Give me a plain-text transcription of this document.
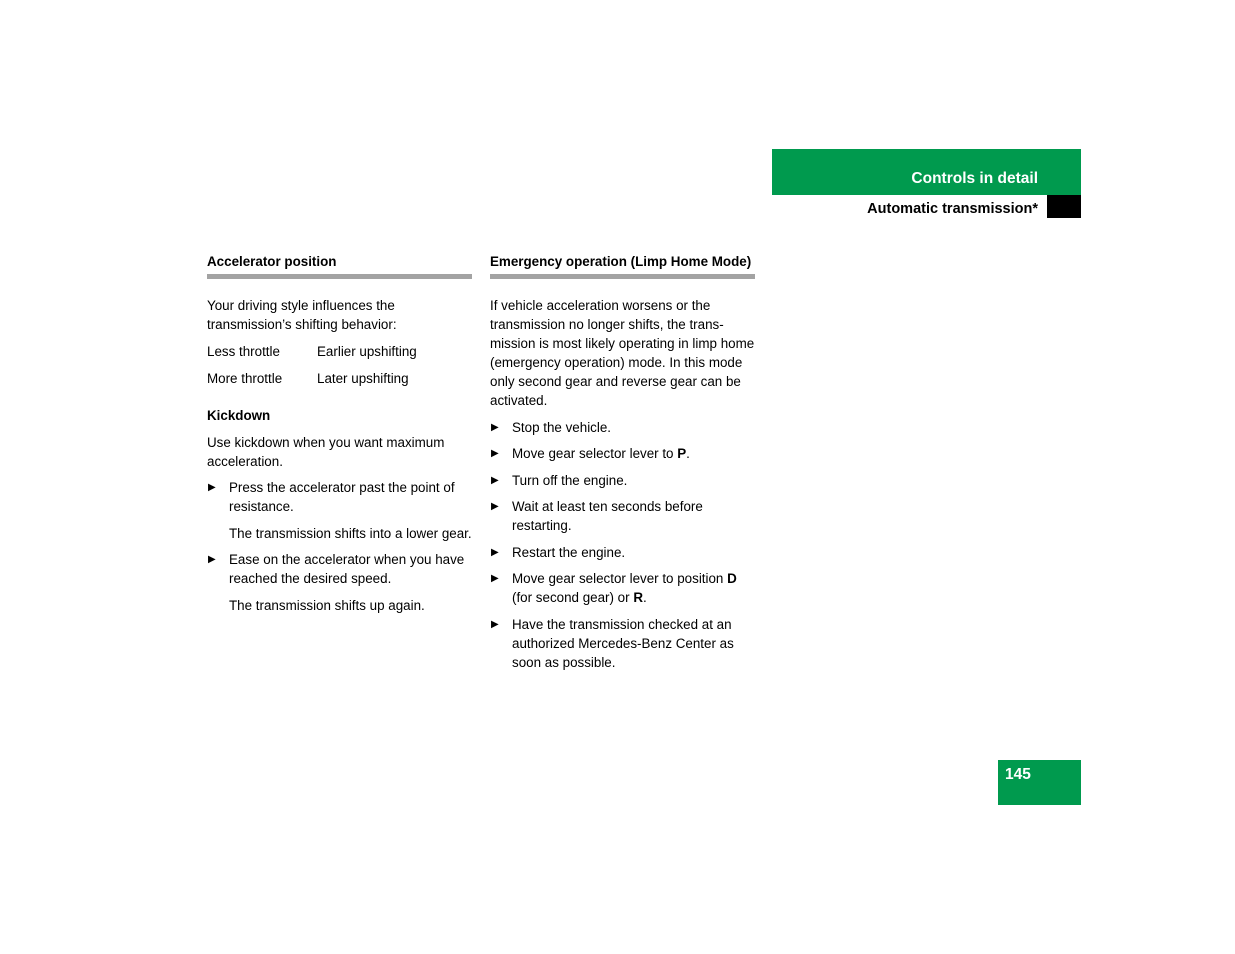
Controls in detail
Automatic transmission*
Accelerator position

Your driving style influences the transmission’s shifting behavior:

Less throttle	Earlier upshifting
More throttle	Later upshifting
Kickdown

Use kickdown when you want maximum acceleration.

▶ Press the accelerator past the point of resistance.
The transmission shifts into a lower gear.
▶ Ease on the accelerator when you have reached the desired speed.
The transmission shifts up again.
Emergency operation (Limp Home Mode)

If vehicle acceleration worsens or the transmission no longer shifts, the trans-mission is most likely operating in limp home (emergency operation) mode. In this mode only second gear and reverse gear can be activated.

▶ Stop the vehicle.
▶ Move gear selector lever to P.
▶ Turn off the engine.
▶ Wait at least ten seconds before restarting.
▶ Restart the engine.
▶ Move gear selector lever to position D (for second gear) or R.
▶ Have the transmission checked at an authorized Mercedes-Benz Center as soon as possible.
145
